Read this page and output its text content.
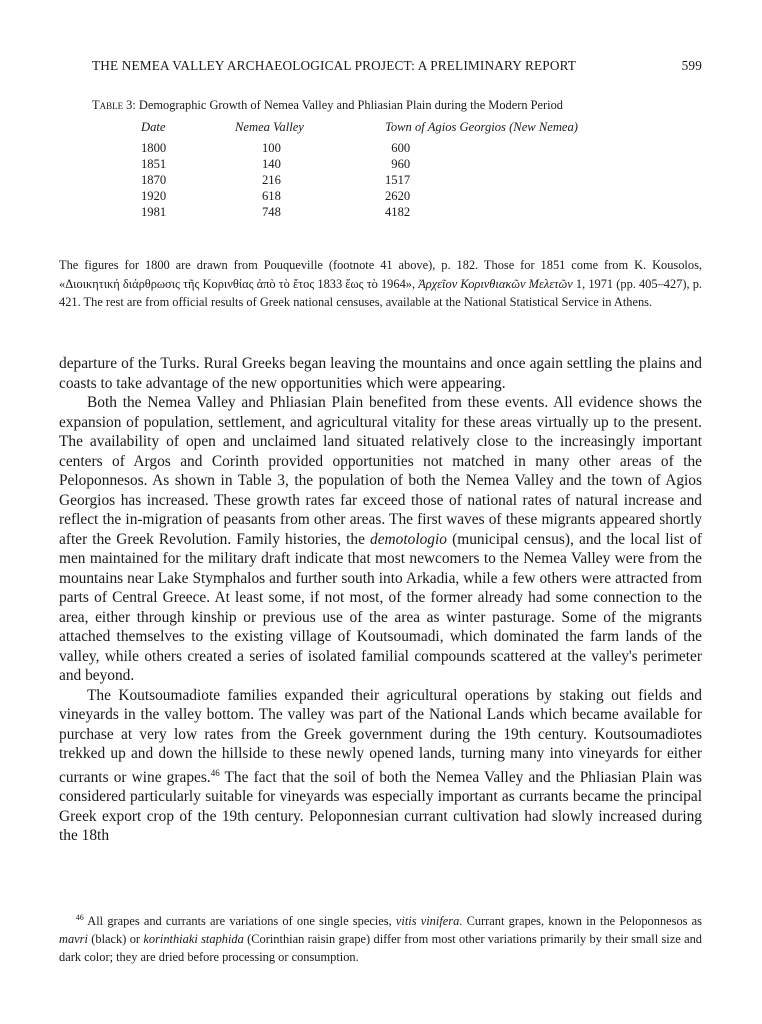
THE NEMEA VALLEY ARCHAEOLOGICAL PROJECT: A PRELIMINARY REPORT	599
Table 3: Demographic Growth of Nemea Valley and Phliasian Plain during the Modern Period
Date	Nemea Valley	Town of Agios Georgios (New Nemea)
1800	100	600
1851	140	960
1870	216	1517
1920	618	2620
1981	748	4182
The figures for 1800 are drawn from Pouqueville (footnote 41 above), p. 182. Those for 1851 come from K. Kousolos, «Διοικητική διάρθρωσις τῆς Κορινθίας ἀπὸ τὸ ἔτος 1833 ἕως τὸ 1964», Ἀρχεῖον Κορινθιακῶν Μελετῶν 1, 1971 (pp. 405–427), p. 421. The rest are from official results of Greek national censuses, available at the National Statistical Service in Athens.

departure of the Turks. Rural Greeks began leaving the mountains and once again settling the plains and coasts to take advantage of the new opportunities which were appearing.

Both the Nemea Valley and Phliasian Plain benefited from these events. All evidence shows the expansion of population, settlement, and agricultural vitality for these areas virtually up to the present. The availability of open and unclaimed land situated relatively close to the increasingly important centers of Argos and Corinth provided opportunities not matched in many other areas of the Peloponnesos. As shown in Table 3, the population of both the Nemea Valley and the town of Agios Georgios has increased. These growth rates far exceed those of national rates of natural increase and reflect the in-migration of peasants from other areas. The first waves of these migrants appeared shortly after the Greek Revolution. Family histories, the demotologio (municipal census), and the local list of men maintained for the military draft indicate that most newcomers to the Nemea Valley were from the mountains near Lake Stymphalos and further south into Arkadia, while a few others were attracted from parts of Central Greece. At least some, if not most, of the former already had some connection to the area, either through kinship or previous use of the area as winter pasturage. Some of the migrants attached themselves to the existing village of Koutsoumadi, which dominated the farm lands of the valley, while others created a series of isolated familial compounds scattered at the valley's perimeter and beyond.

The Koutsoumadiote families expanded their agricultural operations by staking out fields and vineyards in the valley bottom. The valley was part of the National Lands which became available for purchase at very low rates from the Greek government during the 19th century. Koutsoumadiotes trekked up and down the hillside to these newly opened lands, turning many into vineyards for either currants or wine grapes.$^{46}$ The fact that the soil of both the Nemea Valley and the Phliasian Plain was considered particularly suitable for vineyards was especially important as currants became the principal Greek export crop of the 19th century. Peloponnesian currant cultivation had slowly increased during the 18th

$^{46}$ All grapes and currants are variations of one single species, vitis vinifera. Currant grapes, known in the Peloponnesos as mavri (black) or korinthiaki staphida (Corinthian raisin grape) differ from most other variations primarily by their small size and dark color; they are dried before processing or consumption.
